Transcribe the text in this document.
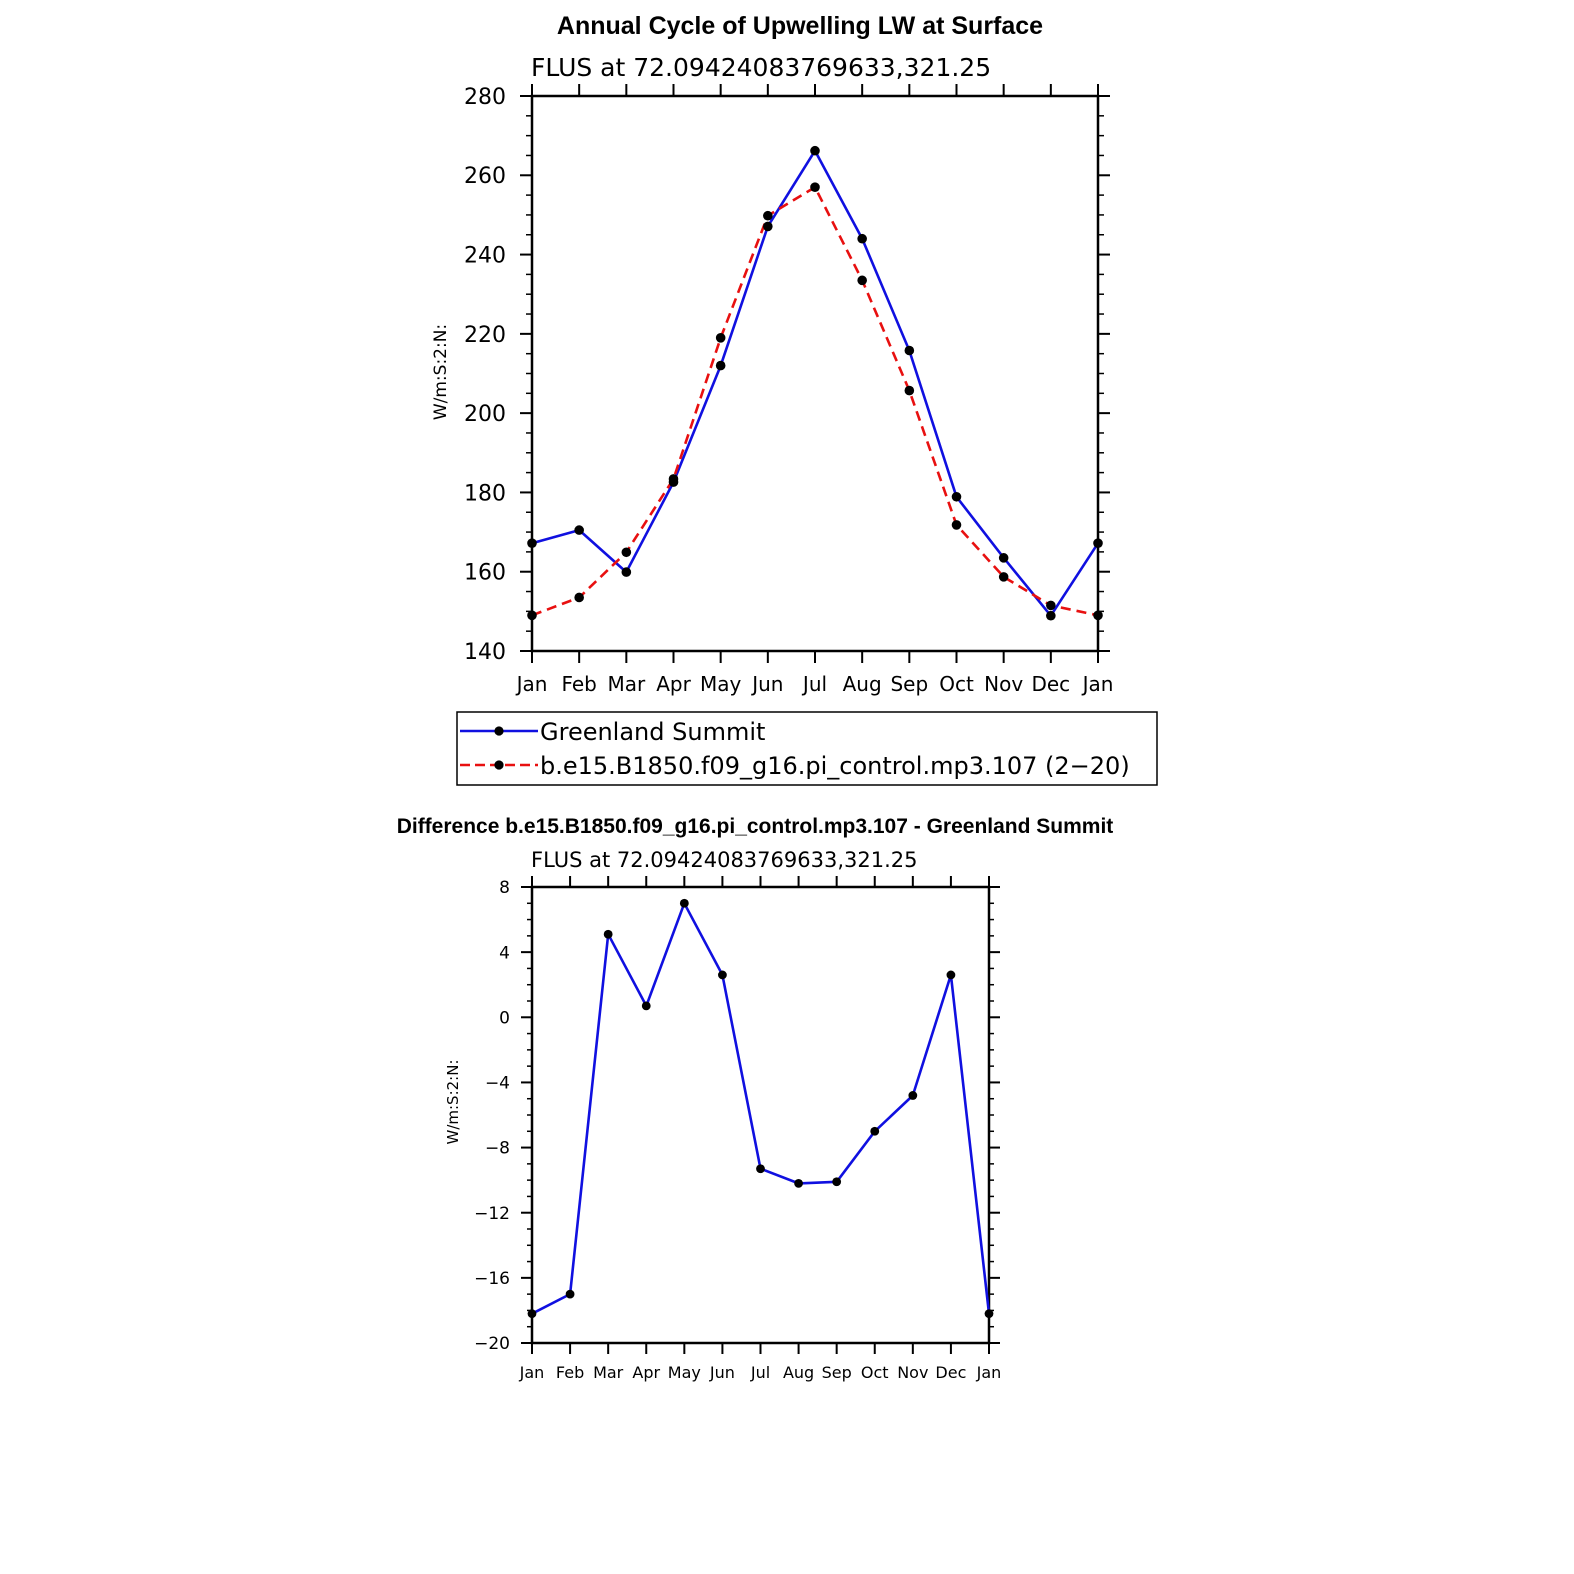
Annual Cycle of Upwelling LW at Surface
FLUS at 72.09424083769633,321.25
W/m:S:2:N:
140
160
180
200
220
240
260
280
Jan Feb Mar Apr May Jun Jul Aug Sep Oct Nov Dec Jan
Greenland Summit
b.e15.B1850.f09_g16.pi_control.mp3.107 (2−20)
Difference b.e15.B1850.f09_g16.pi_control.mp3.107 - Greenland Summit
FLUS at 72.09424083769633,321.25
W/m:S:2:N:
−20
−16
−12
−8
−4
0
4
8
Jan Feb Mar Apr May Jun Jul Aug Sep Oct Nov Dec Jan
